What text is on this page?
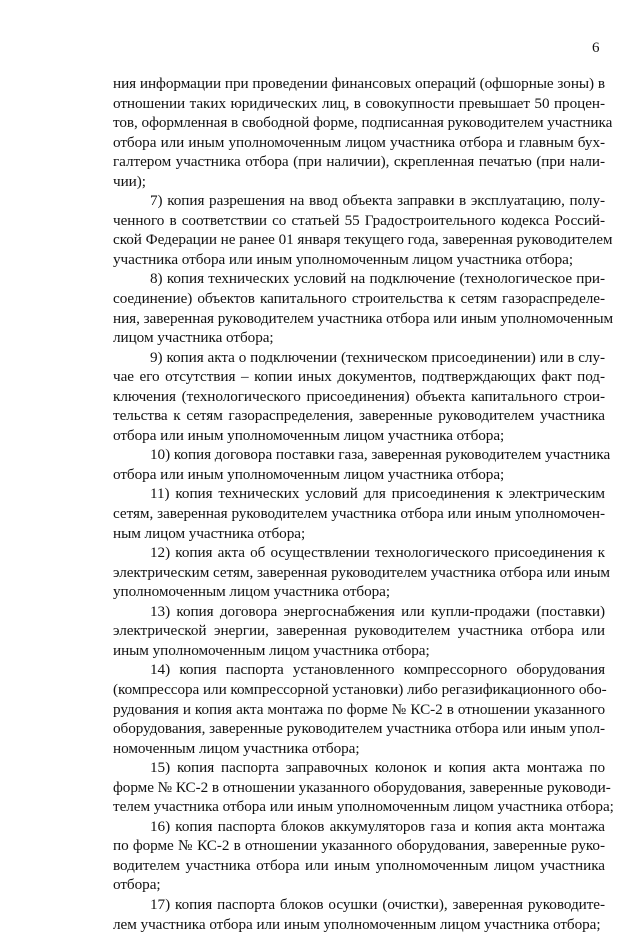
6
ния информации при проведении финансовых операций (офшорные зоны) в
отношении таких юридических лиц, в совокупности превышает 50 процен-
тов, оформленная в свободной форме, подписанная руководителем участника
отбора или иным уполномоченным лицом участника отбора и главным бух-
галтером участника отбора (при наличии), скрепленная печатью (при нали-
чии);
7) копия разрешения на ввод объекта заправки в эксплуатацию, полу-
ченного в соответствии со статьей 55 Градостроительного кодекса Россий-
ской Федерации не ранее 01 января текущего года, заверенная руководителем
участника отбора или иным уполномоченным лицом участника отбора;
8) копия технических условий на подключение (технологическое при-
соединение) объектов капитального строительства к сетям газораспределе-
ния, заверенная руководителем участника отбора или иным уполномоченным
лицом участника отбора;
9) копия акта о подключении (техническом присоединении) или в слу-
чае его отсутствия – копии иных документов, подтверждающих факт под-
ключения (технологического присоединения) объекта капитального строи-
тельства к сетям газораспределения, заверенные руководителем участника
отбора или иным уполномоченным лицом участника отбора;
10) копия договора поставки газа, заверенная руководителем участника
отбора или иным уполномоченным лицом участника отбора;
11) копия технических условий для присоединения к электрическим
сетям, заверенная руководителем участника отбора или иным уполномочен-
ным лицом участника отбора;
12) копия акта об осуществлении технологического присоединения к
электрическим сетям, заверенная руководителем участника отбора или иным
уполномоченным лицом участника отбора;
13) копия договора энергоснабжения или купли-продажи (поставки)
электрической энергии, заверенная руководителем участника отбора или
иным уполномоченным лицом участника отбора;
14) копия паспорта установленного компрессорного оборудования
(компрессора или компрессорной установки) либо регазификационного обо-
рудования и копия акта монтажа по форме № КС-2 в отношении указанного
оборудования, заверенные руководителем участника отбора или иным упол-
номоченным лицом участника отбора;
15) копия паспорта заправочных колонок и копия акта монтажа по
форме № КС-2 в отношении указанного оборудования, заверенные руководи-
телем участника отбора или иным уполномоченным лицом участника отбора;
16) копия паспорта блоков аккумуляторов газа и копия акта монтажа
по форме № КС-2 в отношении указанного оборудования, заверенные руко-
водителем участника отбора или иным уполномоченным лицом участника
отбора;
17) копия паспорта блоков осушки (очистки), заверенная руководите-
лем участника отбора или иным уполномоченным лицом участника отбора;
